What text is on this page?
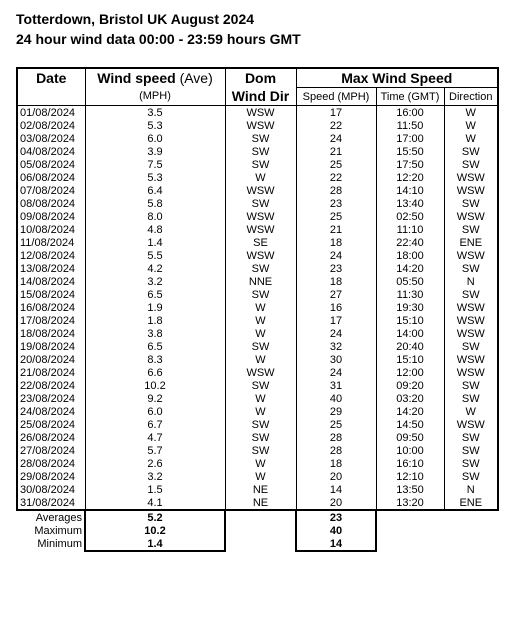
Totterdown, Bristol UK August 2024
24 hour wind data 00:00 - 23:59 hours GMT
Date	Wind speed (Ave)	Dom	Max Wind Speed		
	(MPH)	Wind Dir	Speed (MPH)	Time (GMT)	Direction
01/08/2024	3.5	WSW	17	16:00	W
02/08/2024	5.3	WSW	22	11:50	W
03/08/2024	6.0	SW	24	17:00	W
04/08/2024	3.9	SW	21	15:50	SW
05/08/2024	7.5	SW	25	17:50	SW
06/08/2024	5.3	W	22	12:20	WSW
07/08/2024	6.4	WSW	28	14:10	WSW
08/08/2024	5.8	SW	23	13:40	SW
09/08/2024	8.0	WSW	25	02:50	WSW
10/08/2024	4.8	WSW	21	11:10	SW
11/08/2024	1.4	SE	18	22:40	ENE
12/08/2024	5.5	WSW	24	18:00	WSW
13/08/2024	4.2	SW	23	14:20	SW
14/08/2024	3.2	NNE	18	05:50	N
15/08/2024	6.5	SW	27	11:30	SW
16/08/2024	1.9	W	16	19:30	WSW
17/08/2024	1.8	W	17	15:10	WSW
18/08/2024	3.8	W	24	14:00	WSW
19/08/2024	6.5	SW	32	20:40	SW
20/08/2024	8.3	W	30	15:10	WSW
21/08/2024	6.6	WSW	24	12:00	WSW
22/08/2024	10.2	SW	31	09:20	SW
23/08/2024	9.2	W	40	03:20	SW
24/08/2024	6.0	W	29	14:20	W
25/08/2024	6.7	SW	25	14:50	WSW
26/08/2024	4.7	SW	28	09:50	SW
27/08/2024	5.7	SW	28	10:00	SW
28/08/2024	2.6	W	18	16:10	SW
29/08/2024	3.2	W	20	12:10	SW
30/08/2024	1.5	NE	14	13:50	N
31/08/2024	4.1	NE	20	13:20	ENE
Averages	5.2		23		
Maximum	10.2		40		
Minimum	1.4		14		
